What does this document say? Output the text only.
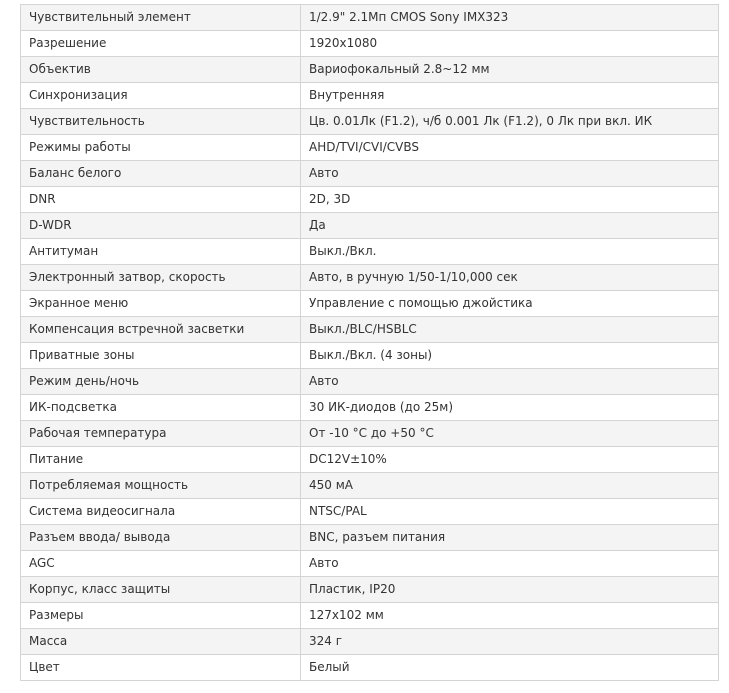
Чувствительный элемент	1/2.9" 2.1Мп CMOS Sony IMX323
Разрешение	1920x1080
Объектив	Вариофокальный 2.8~12 мм
Синхронизация	Внутренняя
Чувствительность	Цв. 0.01Лк (F1.2), ч/б 0.001 Лк (F1.2), 0 Лк при вкл. ИК
Режимы работы	AHD/TVI/CVI/CVBS
Баланс белого	Авто
DNR	2D, 3D
D-WDR	Да
Антитуман	Выкл./Вкл.
Электронный затвор, скорость	Авто, в ручную 1/50-1/10,000 сек
Экранное меню	Управление с помощью джойстика
Компенсация встречной засветки	Выкл./BLC/HSBLC
Приватные зоны	Выкл./Вкл. (4 зоны)
Режим день/ночь	Авто
ИК-подсветка	30 ИК-диодов (до 25м)
Рабочая температура	От -10 °С до +50 °С
Питание	DC12V±10%
Потребляемая мощность	450 мА
Система видеосигнала	NTSC/PAL
Разъем ввода/ вывода	BNC, разъем питания
AGC	Авто
Корпус, класс защиты	Пластик, IP20
Размеры	127x102 мм
Масса	324 г
Цвет	Белый
